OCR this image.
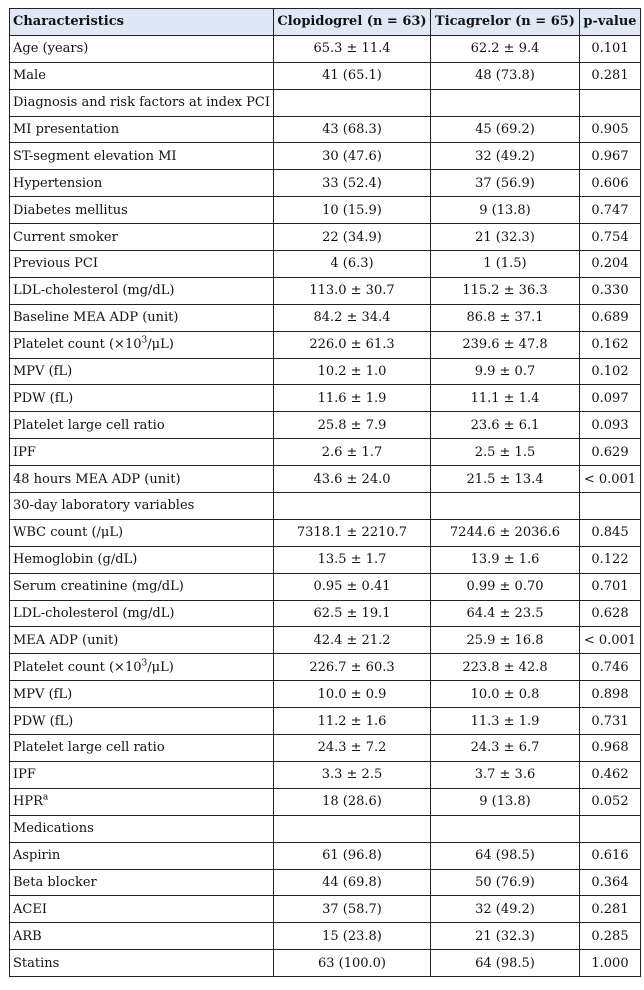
Characteristics	Clopidogrel (n = 63)	Ticagrelor (n = 65)	p-value
Age (years)	65.3 ± 11.4	62.2 ± 9.4	0.101
Male	41 (65.1)	48 (73.8)	0.281
Diagnosis and risk factors at index PCI			
MI presentation	43 (68.3)	45 (69.2)	0.905
ST-segment elevation MI	30 (47.6)	32 (49.2)	0.967
Hypertension	33 (52.4)	37 (56.9)	0.606
Diabetes mellitus	10 (15.9)	9 (13.8)	0.747
Current smoker	22 (34.9)	21 (32.3)	0.754
Previous PCI	4 (6.3)	1 (1.5)	0.204
LDL-cholesterol (mg/dL)	113.0 ± 30.7	115.2 ± 36.3	0.330
Baseline MEA ADP (unit)	84.2 ± 34.4	86.8 ± 37.1	0.689
Platelet count $(\times 10^3/\mu L)$	226.0 ± 61.3	239.6 ± 47.8	0.162
MPV (fL)	10.2 ± 1.0	9.9 ± 0.7	0.102
PDW (fL)	11.6 ± 1.9	11.1 ± 1.4	0.097
Platelet large cell ratio	25.8 ± 7.9	23.6 ± 6.1	0.093
IPF	2.6 ± 1.7	2.5 ± 1.5	0.629
48 hours MEA ADP (unit)	43.6 ± 24.0	21.5 ± 13.4	< 0.001
30-day laboratory variables			
WBC count (/μL)	7318.1 ± 2210.7	7244.6 ± 2036.6	0.845
Hemoglobin (g/dL)	13.5 ± 1.7	13.9 ± 1.6	0.122
Serum creatinine (mg/dL)	0.95 ± 0.41	0.99 ± 0.70	0.701
LDL-cholesterol (mg/dL)	62.5 ± 19.1	64.4 ± 23.5	0.628
MEA ADP (unit)	42.4 ± 21.2	25.9 ± 16.8	< 0.001
Platelet count $(\times 10^3/\mu L)$	226.7 ± 60.3	223.8 ± 42.8	0.746
MPV (fL)	10.0 ± 0.9	10.0 ± 0.8	0.898
PDW (fL)	11.2 ± 1.6	11.3 ± 1.9	0.731
Platelet large cell ratio	24.3 ± 7.2	24.3 ± 6.7	0.968
IPF	3.3 ± 2.5	3.7 ± 3.6	0.462
HPR$^a$	18 (28.6)	9 (13.8)	0.052
Medications			
Aspirin	61 (96.8)	64 (98.5)	0.616
Beta blocker	44 (69.8)	50 (76.9)	0.364
ACEI	37 (58.7)	32 (49.2)	0.281
ARB	15 (23.8)	21 (32.3)	0.285
Statins	63 (100.0)	64 (98.5)	1.000
